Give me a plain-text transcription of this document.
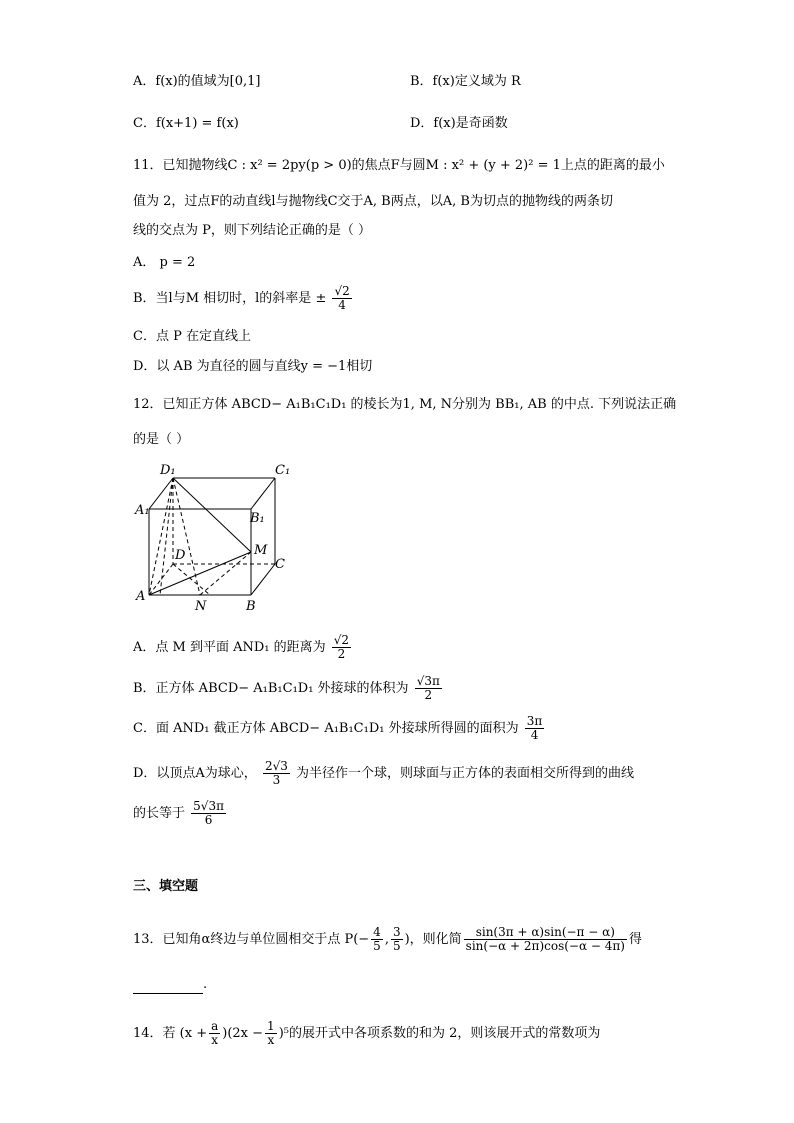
A．f(x)的值域为[0,1]	B．f(x)定义域为 R
C．f(x+1) = f(x)	D．f(x)是奇函数
11．已知抛物线C : x² = 2py(p > 0)的焦点F与圆M : x² + (y + 2)² = 1上点的距离的最小
值为 2，过点F的动直线l与抛物线C交于A, B两点，以A, B为切点的抛物线的两条切
线的交点为 P，则下列结论正确的是（ ）
A． p = 2
B．当l与M 相切时，l的斜率是 ± $\frac{√2}{4}$
C．点 P 在定直线上
D．以 AB 为直径的圆与直线y = −1相切
12．已知正方体 ABCD− A₁B₁C₁D₁ 的棱长为1, M, N分别为 BB₁, AB 的中点. 下列说法正确
的是（ ）
D₁	C₁
A₁
B₁
D	M
C
A
N	B
A．点 M 到平面 AND₁ 的距离为 $\frac{√2}{2}$
B．正方体 ABCD− A₁B₁C₁D₁ 外接球的体积为 $\frac{√3\pi}{2}$
C．面 AND₁ 截正方体 ABCD− A₁B₁C₁D₁ 外接球所得圆的面积为 $\frac{3\pi}{4}$
D．以顶点A为球心， $\frac{2√3}{3}$ 为半径作一个球，则球面与正方体的表面相交所得到的曲线
的长等于 $\frac{5√3\pi}{6}$
三、填空题
13．已知角α终边与单位圆相交于点 $P(- \frac{4}{5}$ , $\frac{3}{5}$ )，则化简 $\frac{\sin(3\pi + \alpha)\sin(-\pi - \alpha)}{\sin(-\alpha + 2\pi)\cos(-\alpha - 4\pi)}$ 得
.
14．若 $(x + \frac{a}{x} )(2x - \frac{1}{x} )^5$的展开式中各项系数的和为 2，则该展开式的常数项为
